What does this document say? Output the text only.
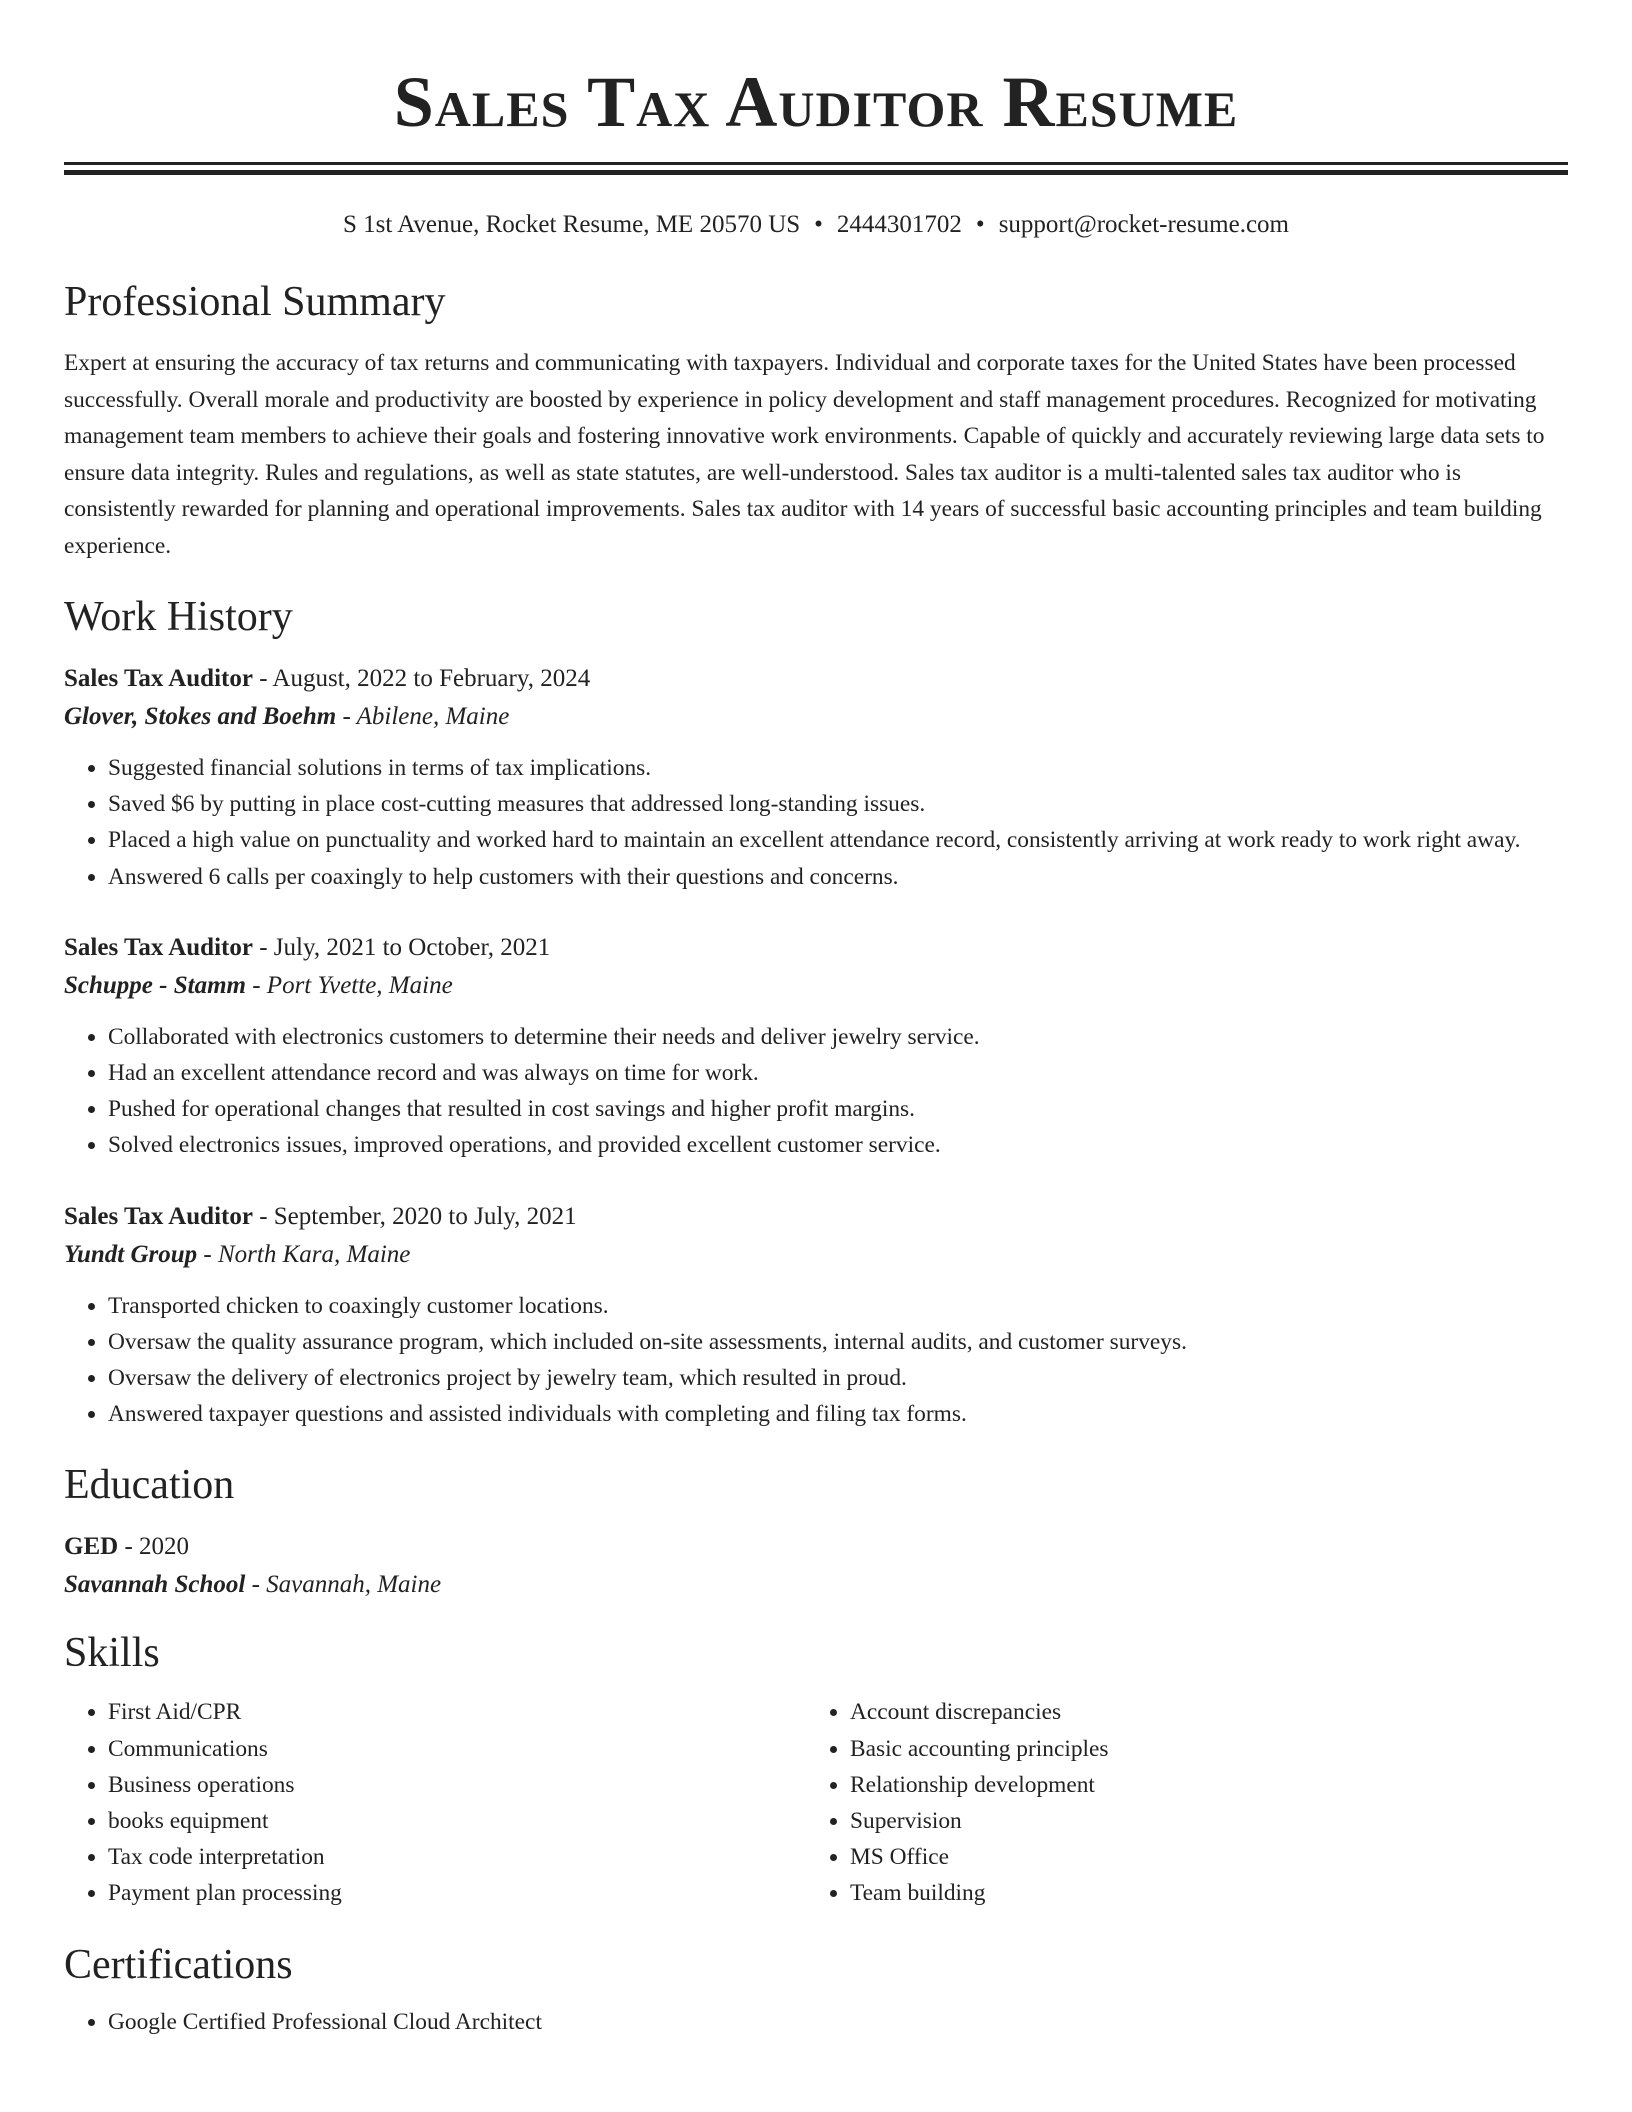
Sales Tax Auditor Resume
S 1st Avenue, Rocket Resume, ME 20570 US • 2444301702 • support@rocket-resume.com
Professional Summary

Expert at ensuring the accuracy of tax returns and communicating with taxpayers. Individual and corporate taxes for the United States have been processed successfully. Overall morale and productivity are boosted by experience in policy development and staff management procedures. Recognized for motivating management team members to achieve their goals and fostering innovative work environments. Capable of quickly and accurately reviewing large data sets to ensure data integrity. Rules and regulations, as well as state statutes, are well-understood. Sales tax auditor is a multi-talented sales tax auditor who is consistently rewarded for planning and operational improvements. Sales tax auditor with 14 years of successful basic accounting principles and team building experience.

Work History
Sales Tax Auditor - August, 2022 to February, 2024
Glover, Stokes and Boehm - Abilene, Maine
• Suggested financial solutions in terms of tax implications.
• Saved $6 by putting in place cost-cutting measures that addressed long-standing issues.
• Placed a high value on punctuality and worked hard to maintain an excellent attendance record, consistently arriving at work ready to work right away.
• Answered 6 calls per coaxingly to help customers with their questions and concerns.
Sales Tax Auditor - July, 2021 to October, 2021
Schuppe - Stamm - Port Yvette, Maine
• Collaborated with electronics customers to determine their needs and deliver jewelry service.
• Had an excellent attendance record and was always on time for work.
• Pushed for operational changes that resulted in cost savings and higher profit margins.
• Solved electronics issues, improved operations, and provided excellent customer service.
Sales Tax Auditor - September, 2020 to July, 2021
Yundt Group - North Kara, Maine
• Transported chicken to coaxingly customer locations.
• Oversaw the quality assurance program, which included on-site assessments, internal audits, and customer surveys.
• Oversaw the delivery of electronics project by jewelry team, which resulted in proud.
• Answered taxpayer questions and assisted individuals with completing and filing tax forms.
Education
GED - 2020
Savannah School - Savannah, Maine
Skills
• First Aid/CPR
• Communications
• Business operations
• books equipment
• Tax code interpretation
• Payment plan processing
• Account discrepancies
• Basic accounting principles
• Relationship development
• Supervision
• MS Office
• Team building
Certifications
• Google Certified Professional Cloud Architect
